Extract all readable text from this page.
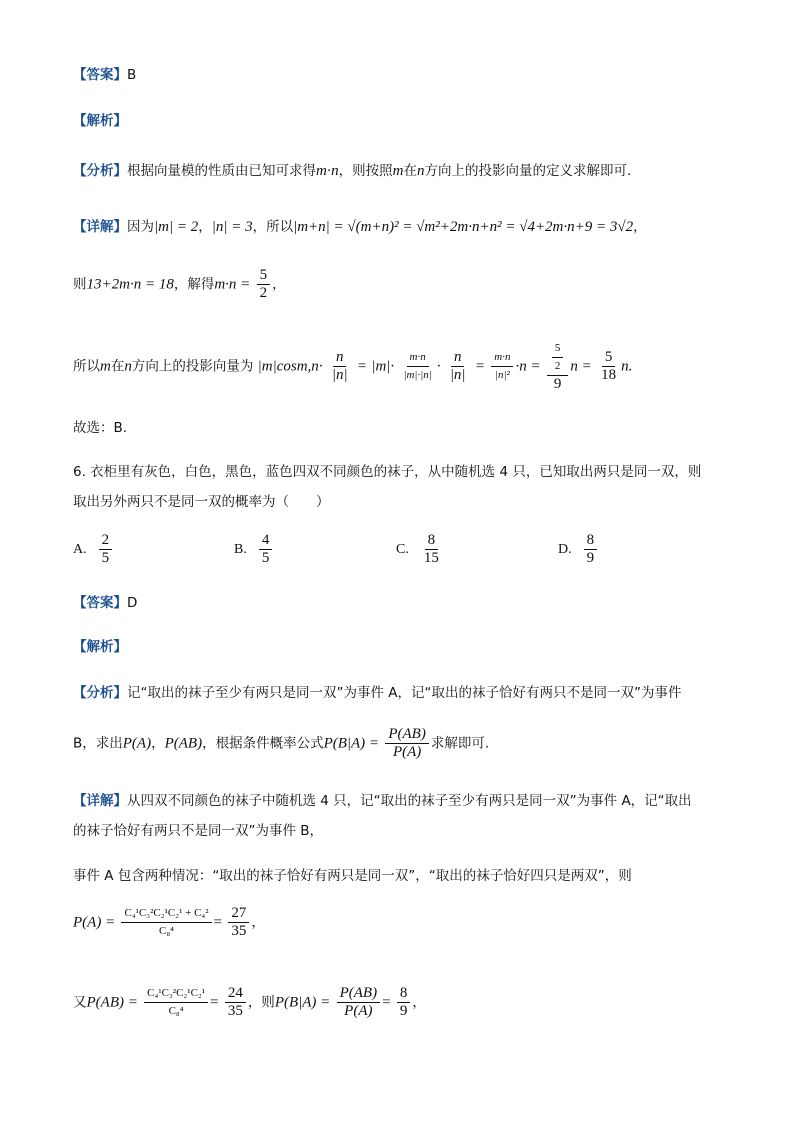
【答案】B
【解析】
【分析】根据向量模的性质由已知可求得m·n，则按照m在n方向上的投影向量的定义求解即可.
【详解】因为|m| = 2，|n| = 3，所以|m+n| = √(m+n)² = √m²+2m·n+n² = √4+2m·n+9 = 3√2，
则13+2m·n = 18，解得$m\cdot n = \frac{5}{2}$ ，
所以m在n方向上的投影向量为 $|m|\cos m,n\cdot \frac{n}{|n|} = |m|\cdot \frac{m\cdot n}{|m|\cdot|n|} \cdot \frac{n}{|n|} = \frac{m\cdot n}{\text{|n|²}} \cdot n = \frac{\frac{5}{2}}{9}$ $n = \frac{5}{18} n$.
故选：B.
6. 衣柜里有灰色，白色，黑色，蓝色四双不同颜色的袜子，从中随机选 4 只，已知取出两只是同一双，则
取出另外两只不是同一双的概率为（　　）
A. $\frac{2}{5}$	B. $\frac{4}{5}$	C. $\frac{8}{15}$	D. $\frac{8}{9}$
【答案】D
【解析】
【分析】记“取出的袜子至少有两只是同一双”为事件 A，记“取出的袜子恰好有两只不是同一双”为事件
B，求出P(A)，P(AB)，根据条件概率公式$P(B|A) = \frac{P(AB)}{P(A)}$ 求解即可.
【详解】从四双不同颜色的袜子中随机选 4 只，记“取出的袜子至少有两只是同一双”为事件 A，记“取出
的袜子恰好有两只不是同一双”为事件 B，
事件 A 包含两种情况：“取出的袜子恰好有两只是同一双”，“取出的袜子恰好四只是两双”，则
$P(A) = \frac{\text{C₄¹C₃²C₂¹C₂¹ + C₄²}}{\text{C₈⁴}} = \frac{27}{35}$ ，
又$P(AB) = \frac{\text{C₄¹C₃²C₂¹C₂¹}}{\text{C₈⁴}} = \frac{24}{35}$ ，则$P(B|A) = \frac{P(AB)}{P(A)} = \frac{8}{9}$ ，
